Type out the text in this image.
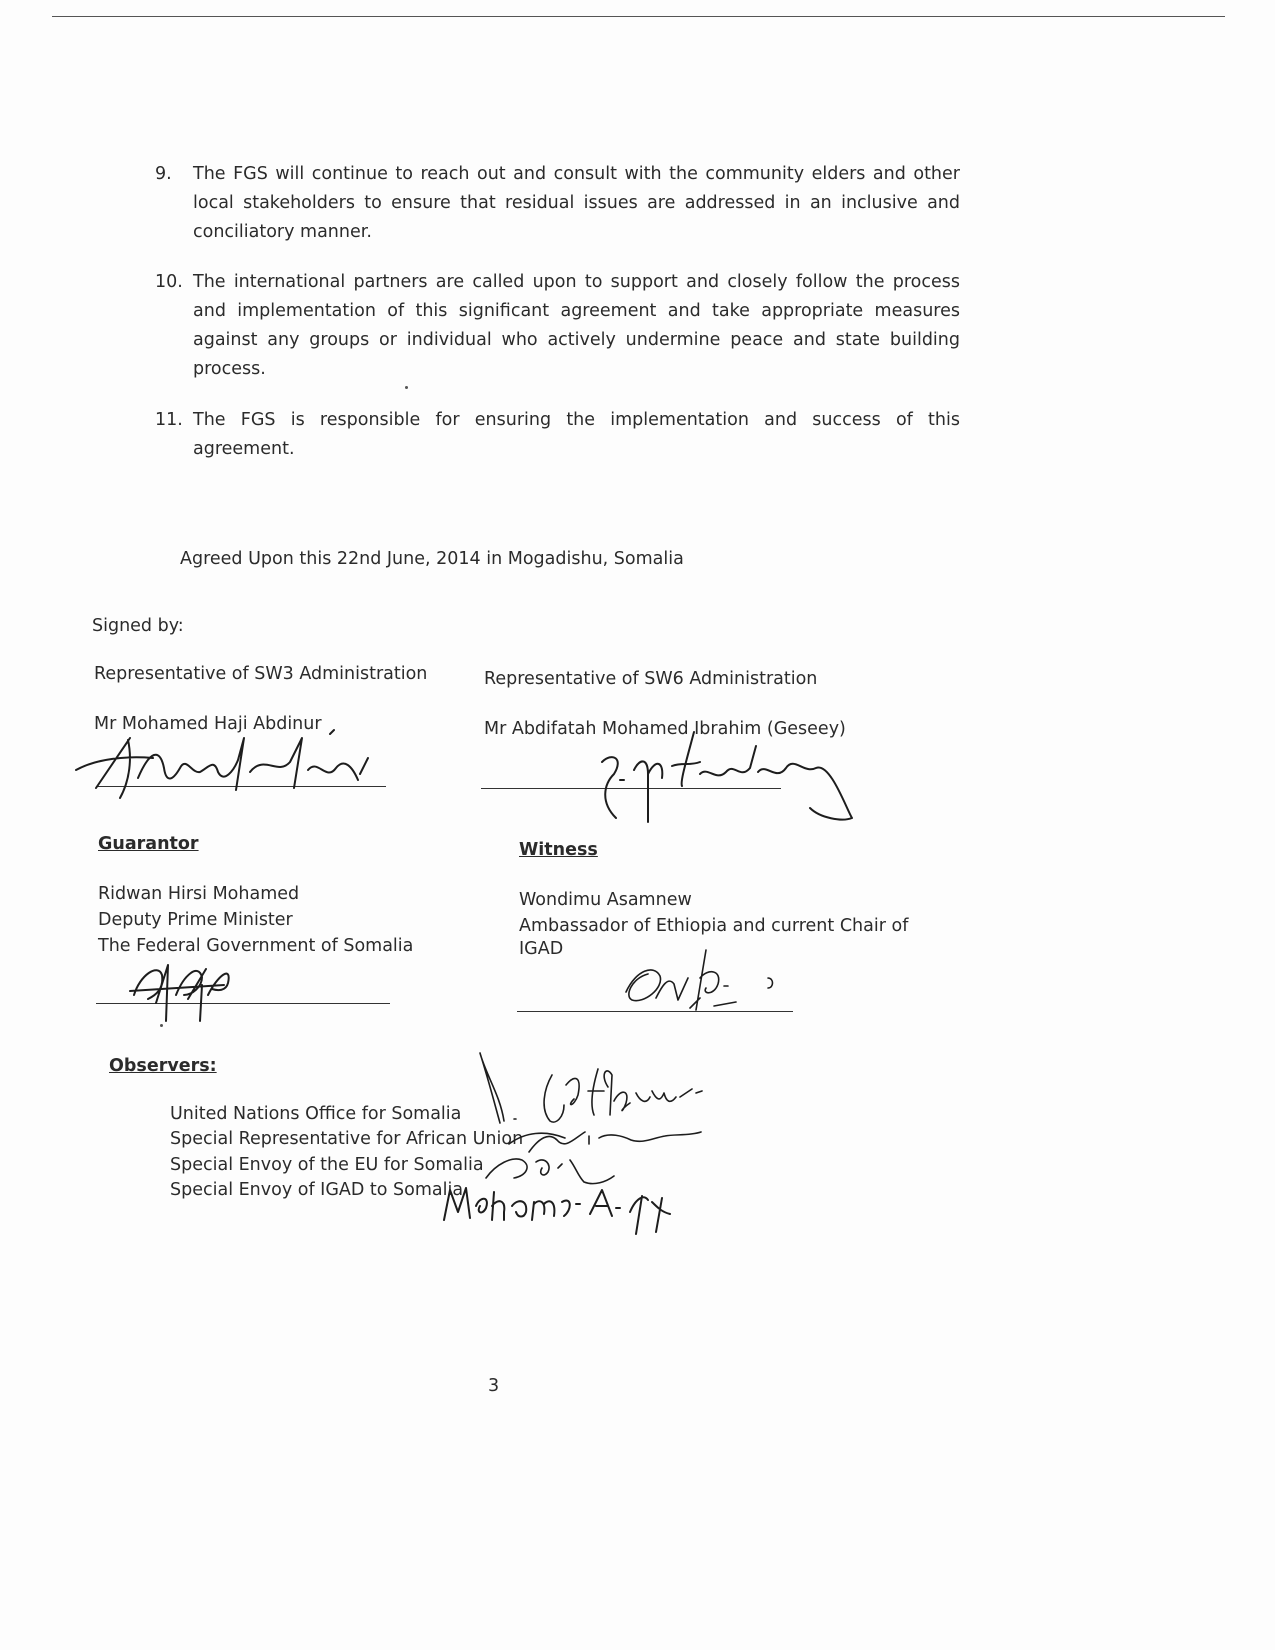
9. The FGS will continue to reach out and consult with the community elders and other local stakeholders to ensure that residual issues are addressed in an inclusive and conciliatory manner.
10. The international partners are called upon to support and closely follow the process and implementation of this significant agreement and take appropriate measures against any groups or individual who actively undermine peace and state building process.
11. The FGS is responsible for ensuring the implementation and success of this agreement.
Agreed Upon this 22nd June, 2014 in Mogadishu, Somalia
Signed by:
Representative of SW3 Administration
Mr Mohamed Haji Abdinur
Representative of SW6 Administration
Mr Abdifatah Mohamed Ibrahim (Geseey)
Guarantor
Ridwan Hirsi Mohamed
Deputy Prime Minister
The Federal Government of Somalia
Witness
Wondimu Asamnew
Ambassador of Ethiopia and current Chair of
IGAD
Observers:
United Nations Office for Somalia
Special Representative for African Union
Special Envoy of the EU for Somalia
Special Envoy of IGAD to Somalia
3
